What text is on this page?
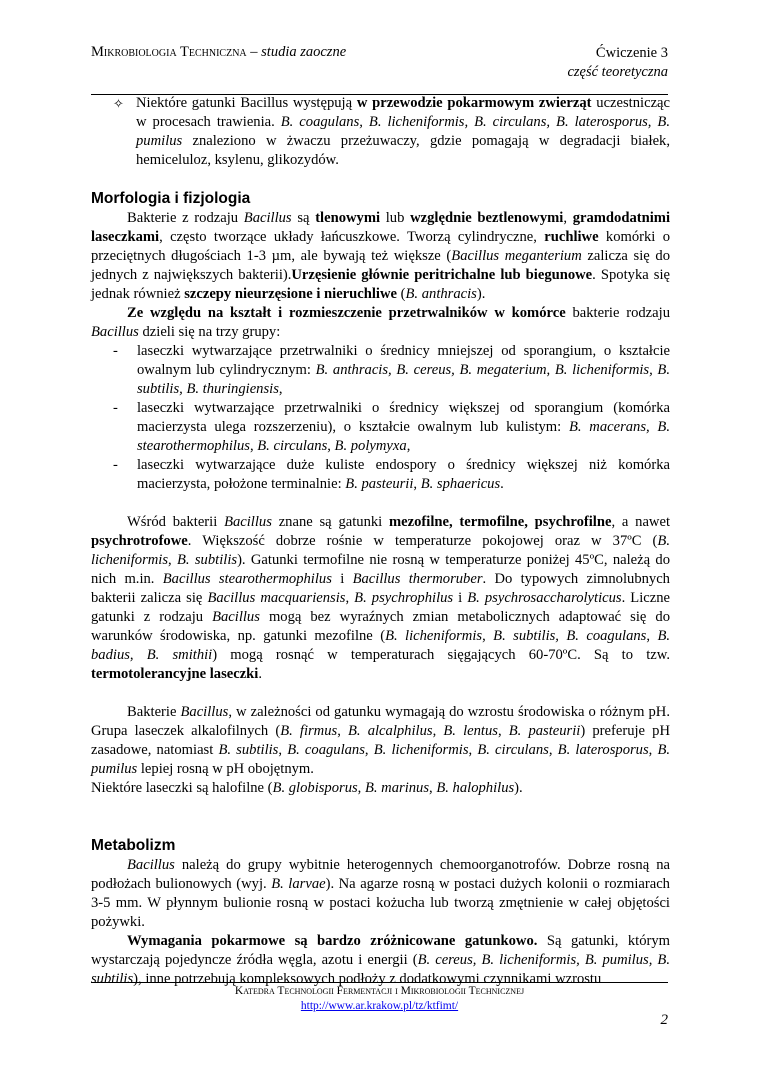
Mikrobiologia Techniczna – studia zaoczne	Ćwiczenie 3
część teoretyczna

✧ Niektóre gatunki Bacillus występują w przewodzie pokarmowym zwierząt uczestnicząc w procesach trawienia. B. coagulans, B. licheniformis, B. circulans, B. laterosporus, B. pumilus znaleziono w żwaczu przeżuwaczy, gdzie pomagają w degradacji białek, hemiceluloz, ksylenu, glikozydów.

Morfologia i fizjologia

Bakterie z rodzaju Bacillus są tlenowymi lub względnie beztlenowymi, gramdodatnimi laseczkami, często tworzące układy łańcuszkowe. Tworzą cylindryczne, ruchliwe komórki o przeciętnych długościach 1-3 µm, ale bywają też większe (Bacillus meganterium zalicza się do jednych z największych bakterii).Urzęsienie głównie peritrichalne lub biegunowe. Spotyka się jednak również szczepy nieurzęsione i nieruchliwe (B. anthracis).

Ze względu na kształt i rozmieszczenie przetrwalników w komórce bakterie rodzaju Bacillus dzieli się na trzy grupy:

- laseczki wytwarzające przetrwalniki o średnicy mniejszej od sporangium, o kształcie owalnym lub cylindrycznym: B. anthracis, B. cereus, B. megaterium, B. licheniformis, B. subtilis, B. thuringiensis,

- laseczki wytwarzające przetrwalniki o średnicy większej od sporangium (komórka macierzysta ulega rozszerzeniu), o kształcie owalnym lub kulistym: B. macerans, B. stearothermophilus, B. circulans, B. polymyxa,

- laseczki wytwarzające duże kuliste endospory o średnicy większej niż komórka macierzysta, położone terminalnie: B. pasteurii, B. sphaericus.

Wśród bakterii Bacillus znane są gatunki mezofilne, termofilne, psychrofilne, a nawet psychrotrofowe. Większość dobrze rośnie w temperaturze pokojowej oraz w 37ºC (B. licheniformis, B. subtilis). Gatunki termofilne nie rosną w temperaturze poniżej 45ºC, należą do nich m.in. Bacillus stearothermophilus i Bacillus thermoruber. Do typowych zimnolubnych bakterii zalicza się Bacillus macquariensis, B. psychrophilus i B. psychrosaccharolyticus. Liczne gatunki z rodzaju Bacillus mogą bez wyraźnych zmian metabolicznych adaptować się do warunków środowiska, np. gatunki mezofilne (B. licheniformis, B. subtilis, B. coagulans, B. badius, B. smithii) mogą rosnąć w temperaturach sięgających 60-70ºC. Są to tzw. termotolerancyjne laseczki.

Bakterie Bacillus, w zależności od gatunku wymagają do wzrostu środowiska o różnym pH. Grupa laseczek alkalofilnych (B. firmus, B. alcalphilus, B. lentus, B. pasteurii) preferuje pH zasadowe, natomiast B. subtilis, B. coagulans, B. licheniformis, B. circulans, B. laterosporus, B. pumilus lepiej rosną w pH obojętnym.

Niektóre laseczki są halofilne (B. globisporus, B. marinus, B. halophilus).

Metabolizm

Bacillus należą do grupy wybitnie heterogennych chemoorganotrofów. Dobrze rosną na podłożach bulionowych (wyj. B. larvae). Na agarze rosną w postaci dużych kolonii o rozmiarach 3-5 mm. W płynnym bulionie rosną w postaci kożucha lub tworzą zmętnienie w całej objętości pożywki.

Wymagania pokarmowe są bardzo zróżnicowane gatunkowo. Są gatunki, którym wystarczają pojedyncze źródła węgla, azotu i energii (B. cereus, B. licheniformis, B. pumilus, B. subtilis), inne potrzebują kompleksowych podłoży z dodatkowymi czynnikami wzrostu

Katedra Technologii Fermentacji i Mikrobiologii Technicznej
http://www.ar.krakow.pl/tz/ktfimt/
2
